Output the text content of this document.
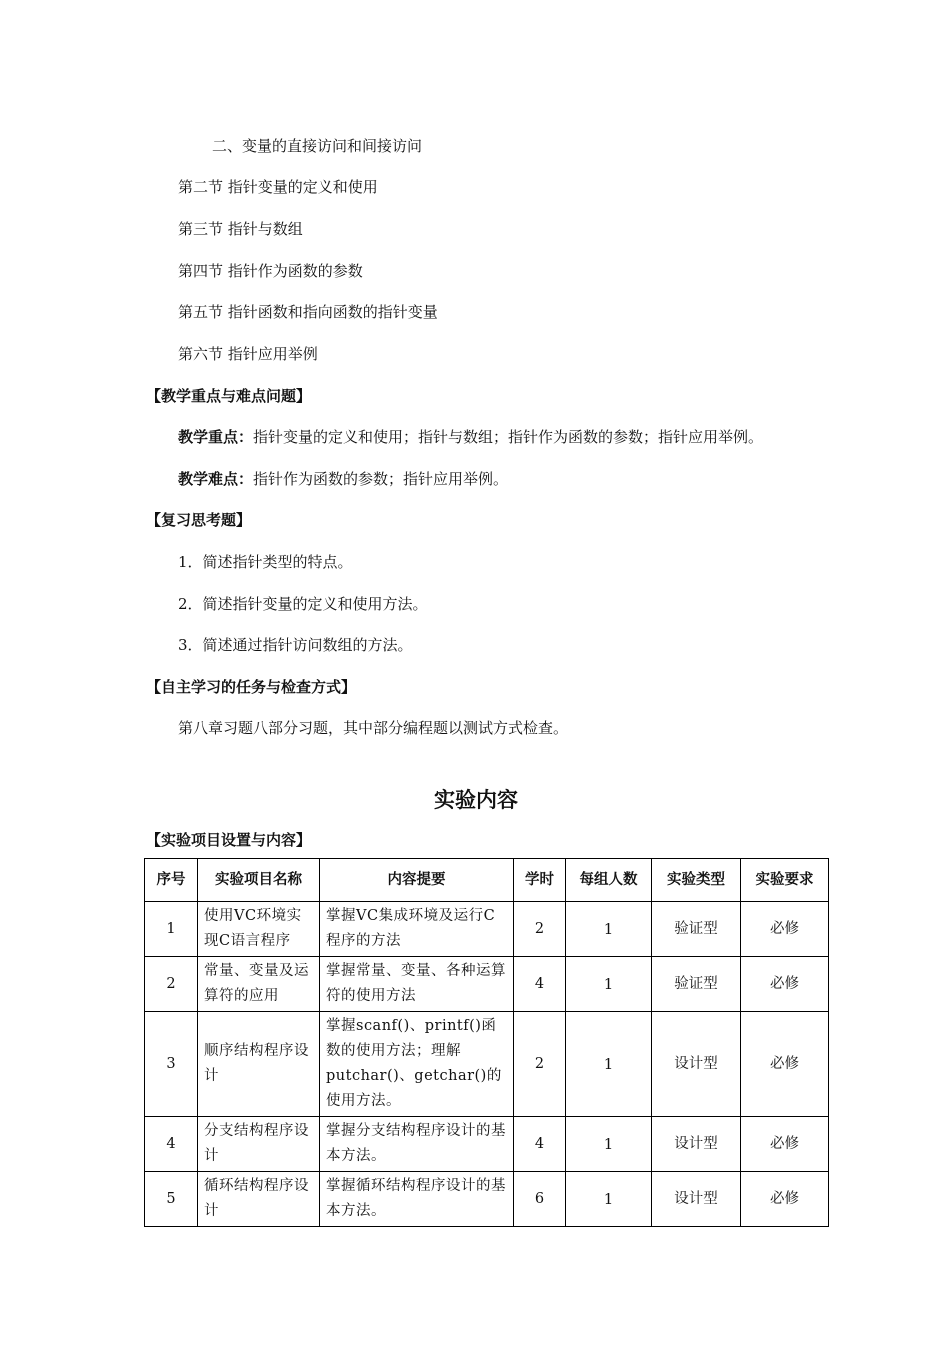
二、变量的直接访问和间接访问
第二节 指针变量的定义和使用
第三节 指针与数组
第四节 指针作为函数的参数
第五节 指针函数和指向函数的指针变量
第六节 指针应用举例
【教学重点与难点问题】
教学重点：指针变量的定义和使用；指针与数组；指针作为函数的参数；指针应用举例。
教学难点：指针作为函数的参数；指针应用举例。
【复习思考题】
1．简述指针类型的特点。
2．简述指针变量的定义和使用方法。
3．简述通过指针访问数组的方法。
【自主学习的任务与检查方式】
第八章习题八部分习题，其中部分编程题以测试方式检查。
实验内容
【实验项目设置与内容】
序号	实验项目名称	内容提要	学时	每组人数	实验类型	实验要求
1	使用VC环境实现C语言程序	掌握VC集成环境及运行C程序的方法	2	1	验证型	必修
2	常量、变量及运算符的应用	掌握常量、变量、各种运算符的使用方法	4	1	验证型	必修
3	顺序结构程序设计	掌握scanf()、printf()函数的使用方法；理解putchar()、getchar()的使用方法。	2	1	设计型	必修
4	分支结构程序设计	掌握分支结构程序设计的基本方法。	4	1	设计型	必修
5	循环结构程序设计	掌握循环结构程序设计的基本方法。	6	1	设计型	必修
